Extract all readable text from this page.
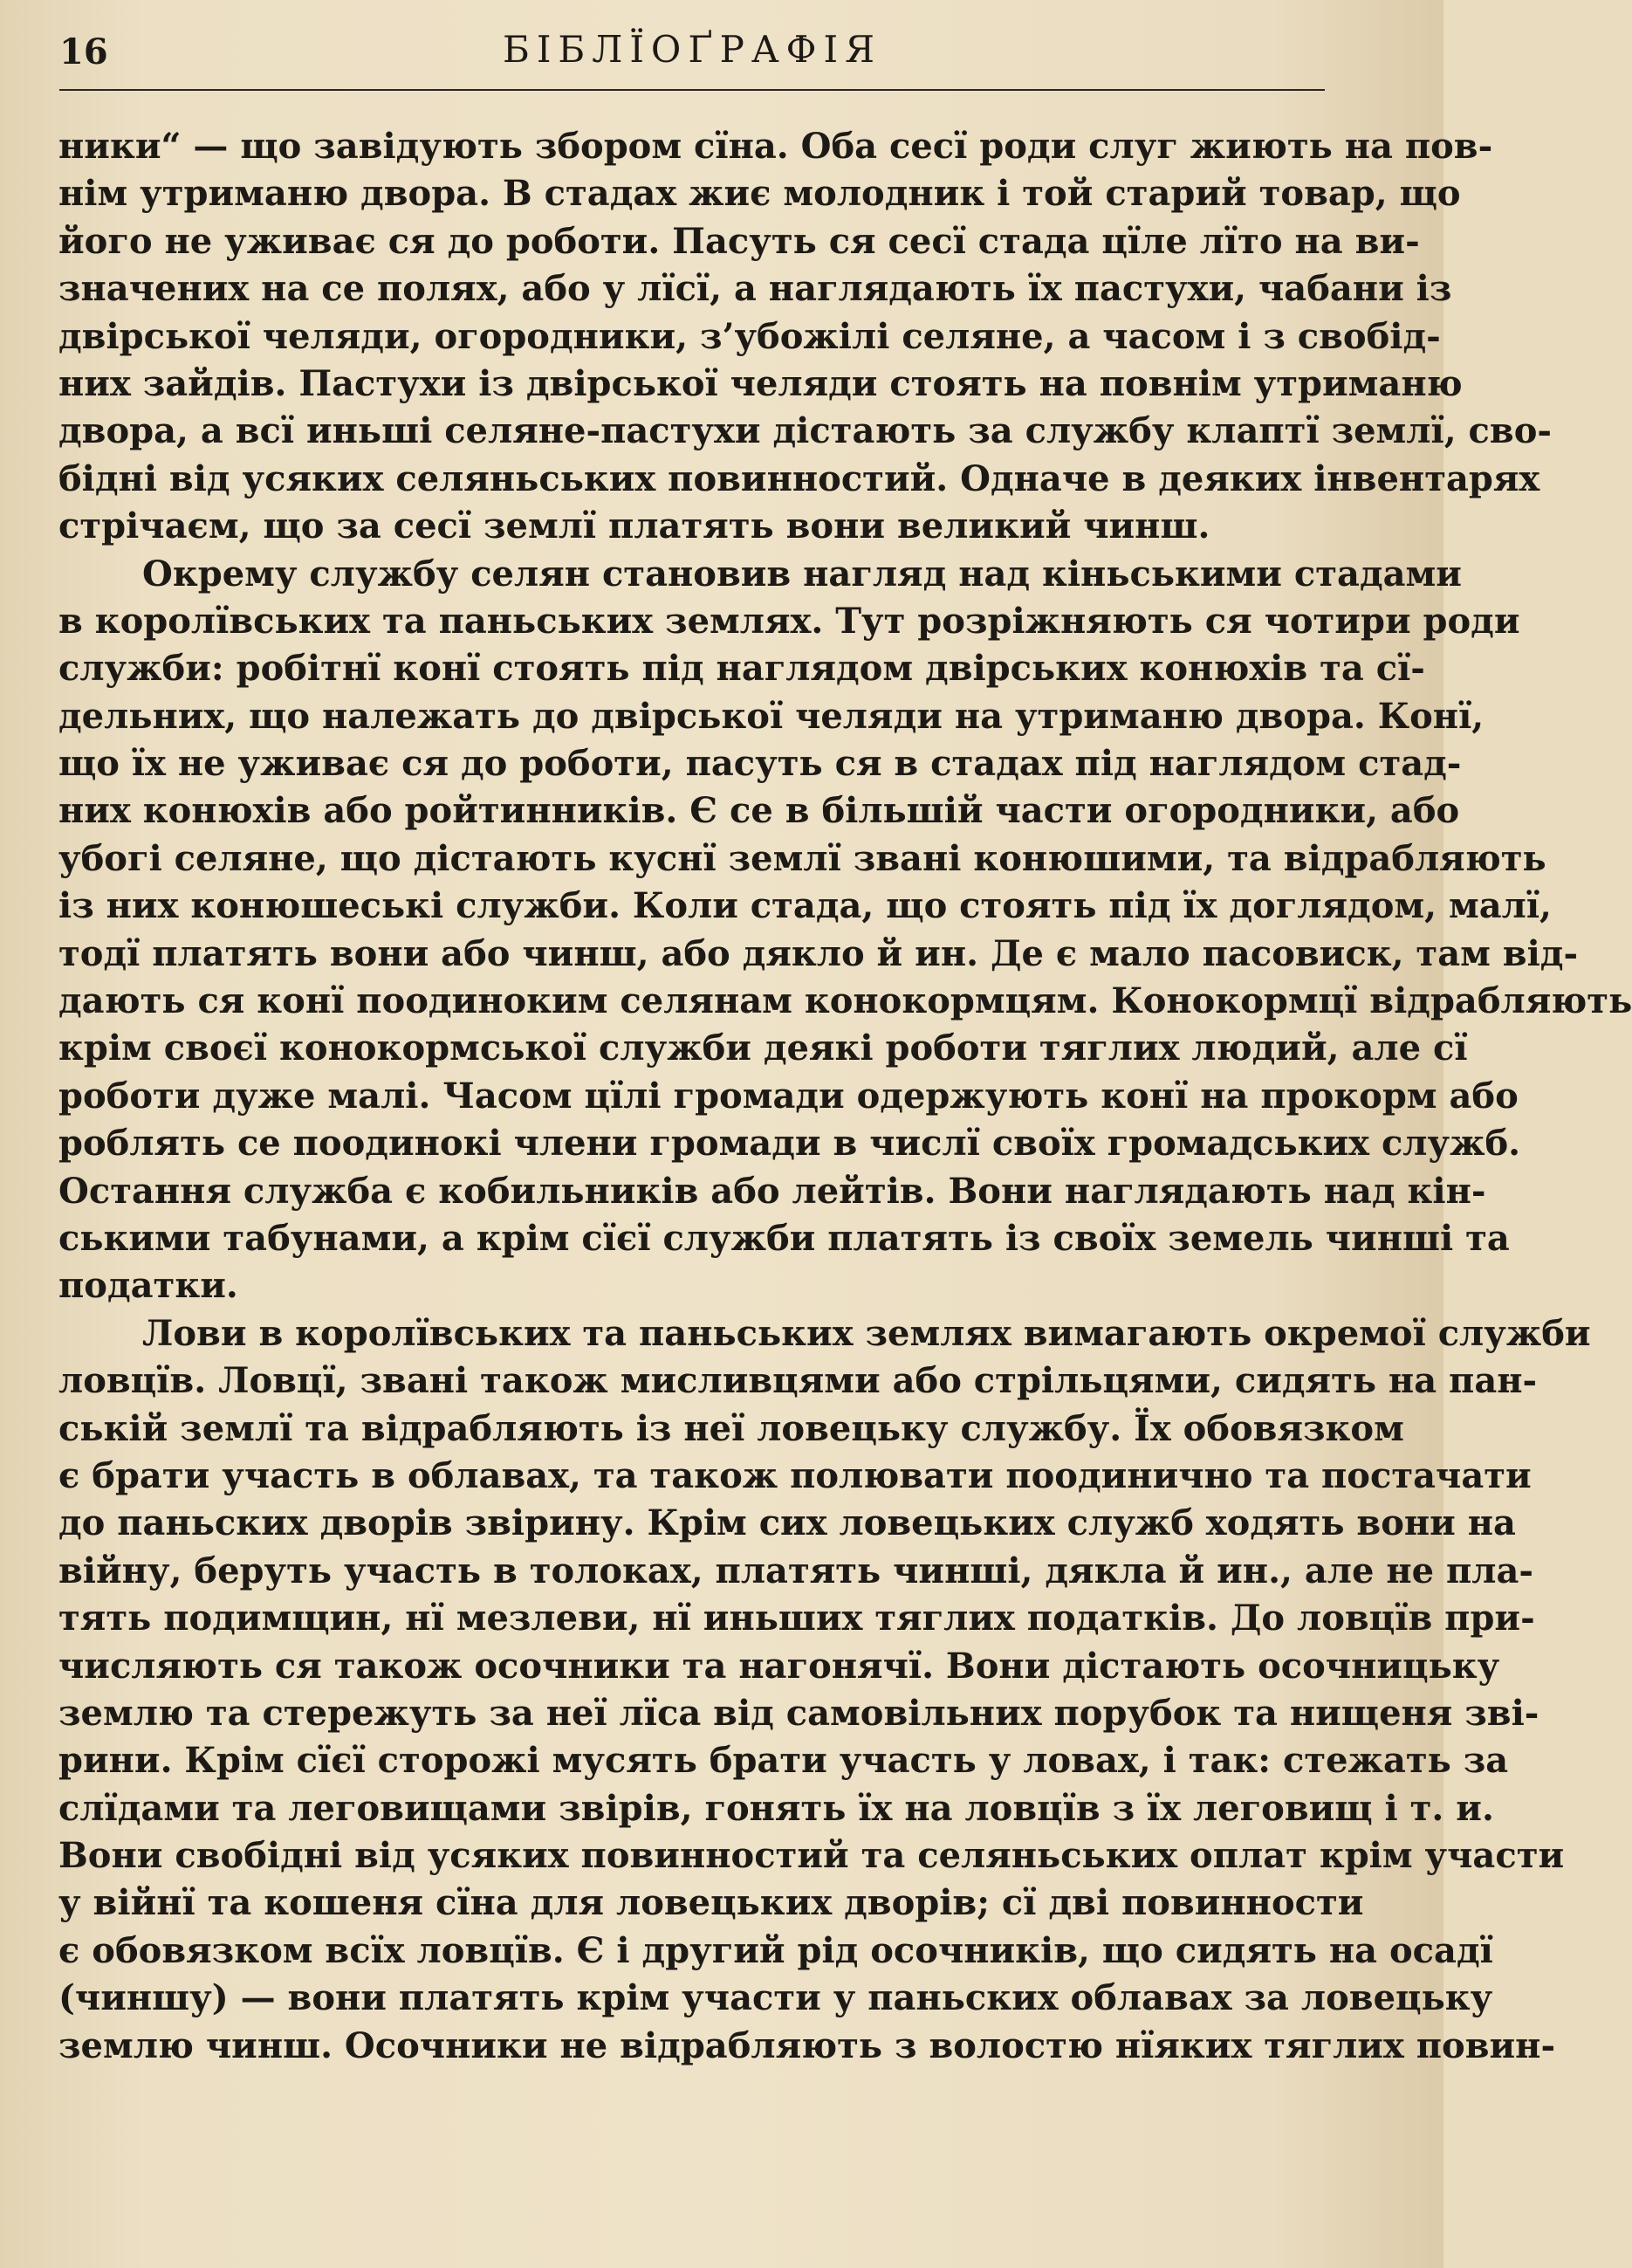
16	БІБЛЇОҐРАФІЯ
ники“ — що завідують збором сїна. Оба сесї роди слуг жиють на пов-
нім утриманю двора. В стадах жиє молодник і той старий товар, що
його не уживає ся до роботи. Пасуть ся сесї стада цїле лїто на ви-
значених на се полях, або у лїсї, а наглядають їх пастухи, чабани із
двірської челяди, огородники, з’убожілі селяне, а часом і з свобід-
них зайдів. Пастухи із двірської челяди стоять на повнім утриманю
двора, а всї иньші селяне-пастухи дістають за службу клаптї землї, сво-
бідні від усяких селяньських повинностий. Одначе в деяких інвентарях
стрічаєм, що за сесї землї платять вони великий чинш.
Окрему службу селян становив нагляд над кіньськими стадами
в королївських та паньських землях. Тут розріжняють ся чотири роди
служби: робітнї конї стоять під наглядом двірських конюхів та сї-
дельних, що належать до двірської челяди на утриманю двора. Конї,
що їх не уживає ся до роботи, пасуть ся в стадах під наглядом стад-
них конюхів або ройтинників. Є се в більшій части огородники, або
убогі селяне, що дістають куснї землї звані конюшими, та відрабляють
із них конюшеські служби. Коли стада, що стоять під їх доглядом, малї,
тодї платять вони або чинш, або дякло й ин. Де є мало пасовиск, там від-
дають ся конї поодиноким селянам конокормцям. Конокормцї відрабляють
крім своєї конокормської служби деякі роботи тяглих людий, але сї
роботи дуже малі. Часом цїлі громади одержують конї на прокорм або
роблять се поодинокі члени громади в числї своїх громадських служб.
Остання служба є кобильників або лейтів. Вони наглядають над кін-
ськими табунами, а крім сїєї служби платять із своїх земель чинші та
податки.
Лови в королївських та паньських землях вимагають окремої служби
ловцїв. Ловцї, звані також мисливцями або стрільцями, сидять на пан-
ській землї та відрабляють із неї ловецьку службу. Їх обовязком
є брати участь в облавах, та також полювати поодиничнo та постачати
до паньских дворів звірину. Крім сих ловецьких служб ходять вони на
війну, беруть участь в толоках, платять чинші, дякла й ин., але не пла-
тять подимщин, нї мезлеви, нї иньших тяглих податків. До ловцїв при-
числяють ся також осочники та нагонячї. Вони дістають осочницьку
землю та стережуть за неї лїса від самовільних порубок та нищеня зві-
рини. Крім сїєї сторожі мусять брати участь у ловах, і так: стежать за
слїдами та леговищами звірів, гонять їх на ловцїв з їх леговищ і т. и.
Вони свобідні від усяких повинностий та селяньських оплат крім участи
у війнї та кошеня сїна для ловецьких дворів; сї дві повинности
є обовязком всїх ловцїв. Є і другий рід осочників, що сидять на осадї
(чиншу) — вони платять крім участи у паньских облавах за ловецьку
землю чинш. Осочники не відрабляють з волостю нїяких тяглих повин-
